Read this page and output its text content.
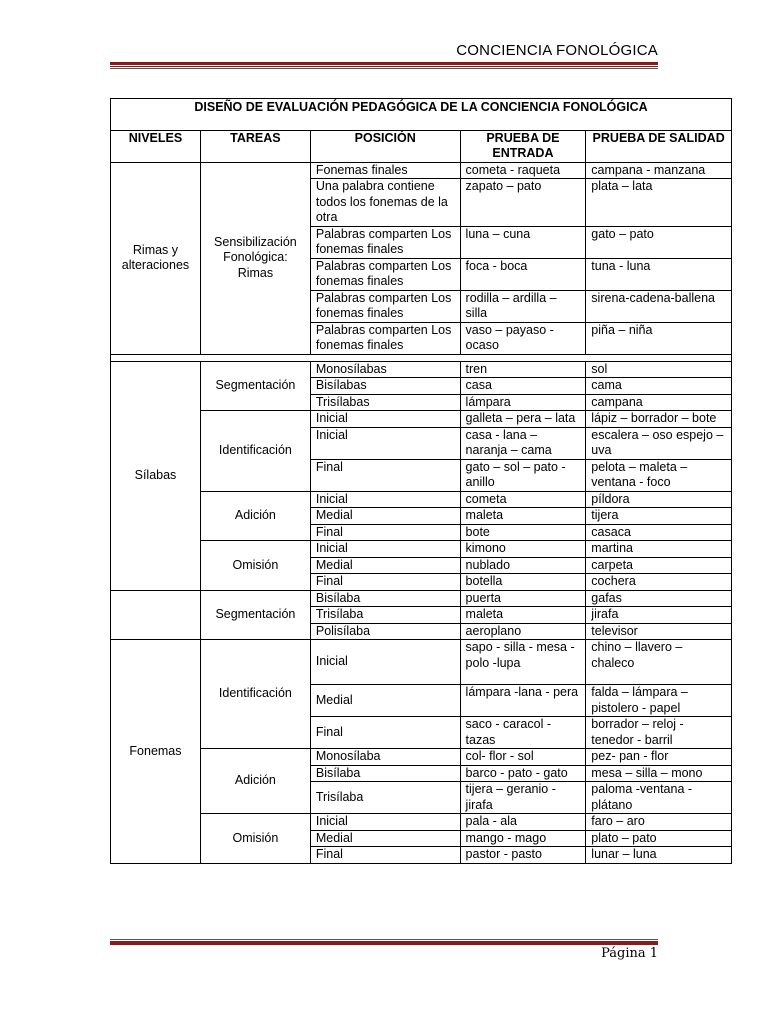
CONCIENCIA FONOLÓGICA
DISEÑO DE EVALUACIÓN PEDAGÓGICA DE LA CONCIENCIA FONOLÓGICA				
NIVELES	TAREAS	POSICIÓN	PRUEBA DE ENTRADA	PRUEBA DE SALIDAD
Rimas y alteraciones	Sensibilización Fonológica: Rimas	Fonemas finales	cometa - raqueta	campana - manzana
		Una palabra contiene todos los fonemas de la otra	zapato – pato	plata – lata
		Palabras comparten Los fonemas finales	luna – cuna	gato – pato
		Palabras comparten Los fonemas finales	foca - boca	tuna - luna
		Palabras comparten Los fonemas finales	rodilla – ardilla – silla	sirena-cadena-ballena
		Palabras comparten Los fonemas finales	vaso – payaso - ocaso	piña – niña

Sílabas	Segmentación	Monosílabas	tren	sol
		Bisílabas	casa	cama
		Trisílabas	lámpara	campana
	Identificación	Inicial	galleta – pera – lata	lápiz – borrador – bote
		Inicial	casa - lana – naranja – cama	escalera – oso espejo – uva
		Final	gato – sol – pato - anillo	pelota – maleta – ventana - foco
	Adición	Inicial	cometa	píldora
		Medial	maleta	tijera
		Final	bote	casaca
	Omisión	Inicial	kimono	martina
		Medial	nublado	carpeta
		Final	botella	cochera
	Segmentación	Bisílaba	puerta	gafas
		Trisílaba	maleta	jirafa
		Polisílaba	aeroplano	televisor
Fonemas	Identificación	Inicial	sapo - silla - mesa - polo -lupa	chino – llavero – chaleco
		Medial	lámpara -lana - pera	falda – lámpara – pistolero - papel
		Final	saco - caracol - tazas	borrador – reloj - tenedor - barril
	Adición	Monosílaba	col- flor - sol	pez- pan - flor
		Bisílaba	barco - pato - gato	mesa – silla – mono
		Trisílaba	tijera – geranio - jirafa	paloma -ventana - plátano
	Omisión	Inicial	pala - ala	faro – aro
		Medial	mango - mago	plato – pato
		Final	pastor - pasto	lunar – luna
Página 1
